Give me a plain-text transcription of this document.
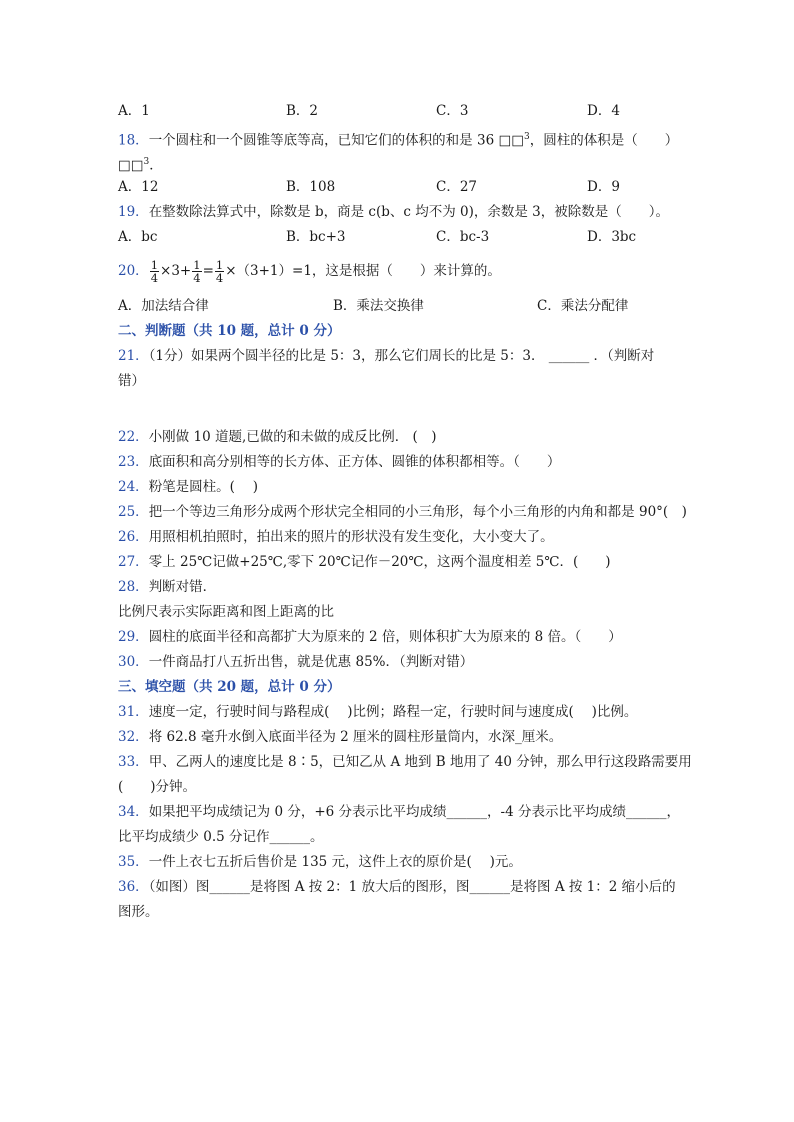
A．1	B．2	C．3	D．4
18．一个圆柱和一个圆锥等底等高，已知它们的体积的和是 36 □□$^3$，圆柱的体积是（　　）
□□$^3$．
A．12	B．108	C．27	D．9
19．在整数除法算式中，除数是 b，商是 c(b、c 均不为 0)，余数是 3，被除数是（　　）。
A．bc	B．bc+3	C．bc-3	D．3bc
20． $\frac{1}{4} \times 3+ \frac{1}{4} = \frac{1}{4} \times(3+1)=1$，这是根据（　　）来计算的。
A．加法结合律	B．乘法交换律	C．乘法分配律
二、判断题（共 10 题，总计 0 分）
21．（1分）如果两个圆半径的比是 5：3，那么它们周长的比是 5：3． ______ ．（判断对
错）
22．小刚做 10 道题,已做的和未做的成反比例． (　)
23．底面积和高分别相等的长方体、正方体、圆锥的体积都相等。（　　）
24．粉笔是圆柱。(　 )
25．把一个等边三角形分成两个形状完全相同的小三角形，每个小三角形的内角和都是 90°(　)
26．用照相机拍照时，拍出来的照片的形状没有发生变化，大小变大了。
27．零上 25℃记做+25℃,零下 20℃记作－20℃，这两个温度相差 5℃．(　　)
28．判断对错．
比例尺表示实际距离和图上距离的比
29．圆柱的底面半径和高都扩大为原来的 2 倍，则体积扩大为原来的 8 倍。（　　）
30．一件商品打八五折出售，就是优惠 85%．（判断对错）
三、填空题（共 20 题，总计 0 分）
31．速度一定，行驶时间与路程成(　 )比例；路程一定，行驶时间与速度成(　 )比例。
32．将 62.8 毫升水倒入底面半径为 2 厘米的圆柱形量筒内，水深_厘米。
33．甲、乙两人的速度比是 8∶5，已知乙从 A 地到 B 地用了 40 分钟，那么甲行这段路需要用
(　　)分钟。
34．如果把平均成绩记为 0 分，+6 分表示比平均成绩______，-4 分表示比平均成绩______，
比平均成绩少 0.5 分记作______。
35．一件上衣七五折后售价是 135 元，这件上衣的原价是(　 )元。
36．（如图）图______是将图 A 按 2：1 放大后的图形，图______是将图 A 按 1：2 缩小后的
图形。
